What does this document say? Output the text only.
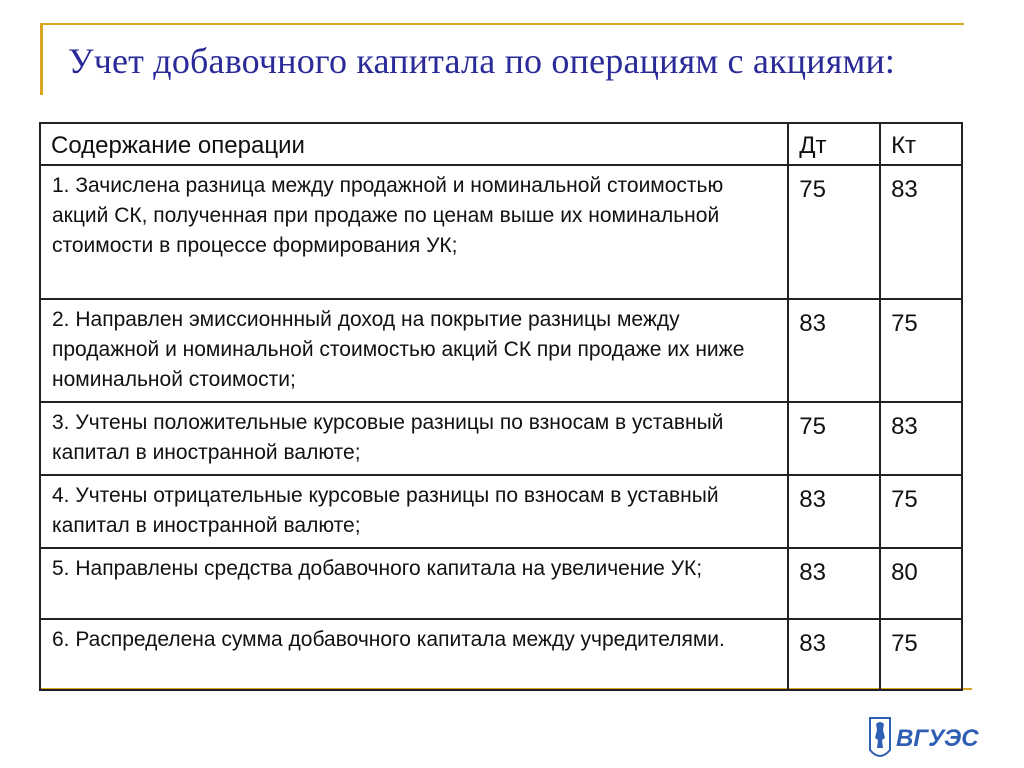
Учет добавочного капитала по операциям с акциями:
Содержание операции	Дт	Кт
1. Зачислена разница между продажной и номинальной стоимостью акций СК, полученная при продаже по ценам выше их номинальной стоимости в процессе формирования УК;	75	83
2. Направлен эмиссионнный доход на покрытие разницы между продажной и номинальной стоимостью акций СК при продаже их ниже номинальной стоимости;	83	75
3. Учтены положительные курсовые разницы по взносам в уставный капитал в иностранной валюте;	75	83
4. Учтены отрицательные курсовые разницы по взносам в уставный капитал в иностранной валюте;	83	75
5. Направлены средства добавочного капитала на увеличение УК;	83	80
6. Распределена сумма добавочного капитала между учредителями.	83	75
ВГУЭС
